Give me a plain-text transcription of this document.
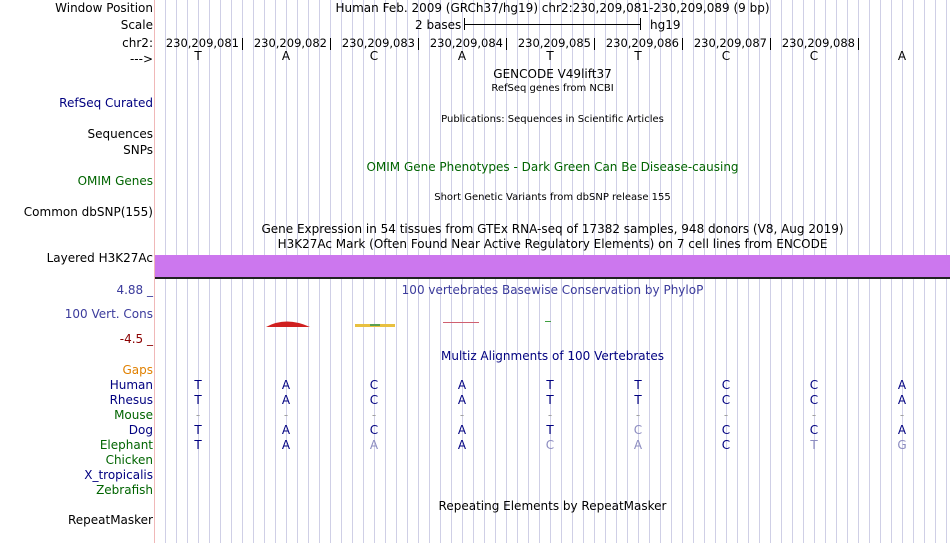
Window Position	Human Feb. 2009 (GRCh37/hg19) chr2:230,209,081-230,209,089 (9 bp)
Scale	2 bases	hg19
chr2:	230,209,081	230,209,082	230,209,083	230,209,084	230,209,085	230,209,086	230,209,087	230,209,088
--->	T	A	C	A	T	T	C	C	A
GENCODE V49lift37
RefSeq genes from NCBI
RefSeq Curated
Publications: Sequences in Scientific Articles
Sequences
SNPs
OMIM Gene Phenotypes - Dark Green Can Be Disease-causing
OMIM Genes
Short Genetic Variants from dbSNP release 155
Common dbSNP(155)
Gene Expression in 54 tissues from GTEx RNA-seq of 17382 samples, 948 donors (V8, Aug 2019)
H3K27Ac Mark (Often Found Near Active Regulatory Elements) on 7 cell lines from ENCODE
Layered H3K27Ac
4.88 _	100 vertebrates Basewise Conservation by PhyloP
100 Vert. Cons
-4.5 _
Multiz Alignments of 100 Vertebrates
Gaps
Human	T	A	C	A	T	T	C	C	A
Rhesus	T	A	C	A	T	T	C	C	A
Mouse	-	-	-	-	-	-	-	-	-
Dog	T	A	C	A	T	C	C	C	A
Elephant	T	A	A	A	C	A	C	T	G
Chicken
X_tropicalis
Zebrafish
Repeating Elements by RepeatMasker
RepeatMasker
